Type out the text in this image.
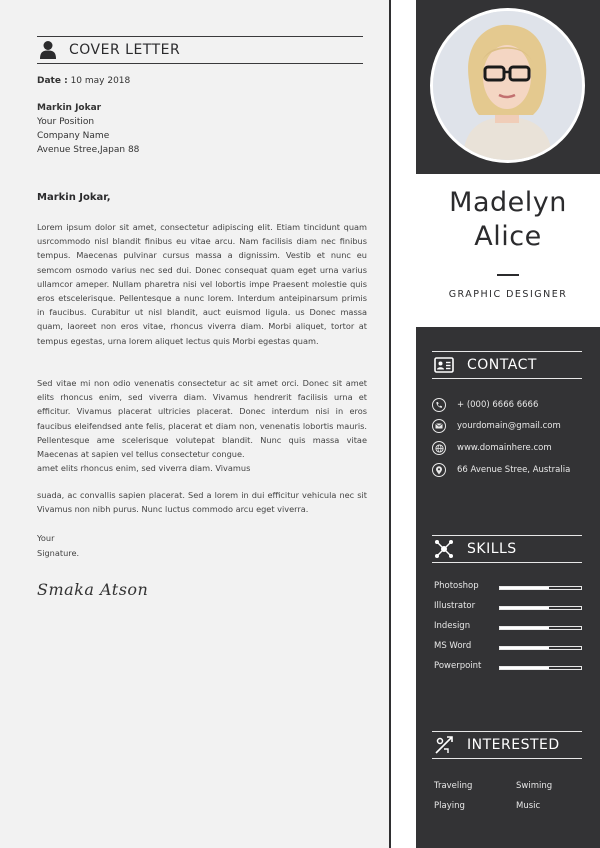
COVER LETTER
Date : 10 may 2018
Markin Jokar
Your Position
Company Name
Avenue Stree,Japan 88
Markin Jokar,
Lorem ipsum dolor sit amet, consectetur adipiscing elit. Etiam tincidunt quam usrcommodo nisl blandit finibus eu vitae arcu. Nam facilisis diam nec finibus tempus. Maecenas pulvinar cursus massa a dignissim. Vestib et nunc eu semcom osmodo varius nec sed dui. Donec consequat quam eget urna varius ullamcor ameper. Nullam pharetra nisi vel lobortis impe Praesent molestie quis eros etscelerisque. Pellentesque a nunc lorem. Interdum anteipinarsum primis in faucibus. Curabitur ut nisl blandit, auct euismod ligula. us Donec massa quam, laoreet non eros vitae, rhoncus viverra diam. Morbi aliquet, tortor at tempus egestas, urna lorem aliquet lectus quis Morbi egestas quam.
Sed vitae mi non odio venenatis consectetur ac sit amet orci. Donec sit amet elits rhoncus enim, sed viverra diam. Vivamus hendrerit facilisis urna et efficitur. Vivamus placerat ultricies placerat. Donec interdum nisi in eros faucibus eleifendsed ante felis, placerat et diam non, venenatis lobortis mauris. Pellentesque ame scelerisque volutepat blandit. Nunc quis massa vitae Maecenas at sapien vel tellus consectetur congue.
amet elits rhoncus enim, sed viverra diam. Vivamus
suada, ac convallis sapien placerat. Sed a lorem in dui efficitur vehicula nec sit Vivamus non nibh purus. Nunc luctus commodo arcu eget viverra.
Your
Signature.
Smaka Atson
Madelyn
Alice
GRAPHIC DESIGNER
CONTACT
+ (000) 6666 6666
yourdomain@gmail.com
www.domainhere.com
66 Avenue Stree, Australia
SKILLS
Photoshop
Illustrator
Indesign
MS Word
Powerpoint
INTERESTED
Traveling	Swiming
Playing	Music
